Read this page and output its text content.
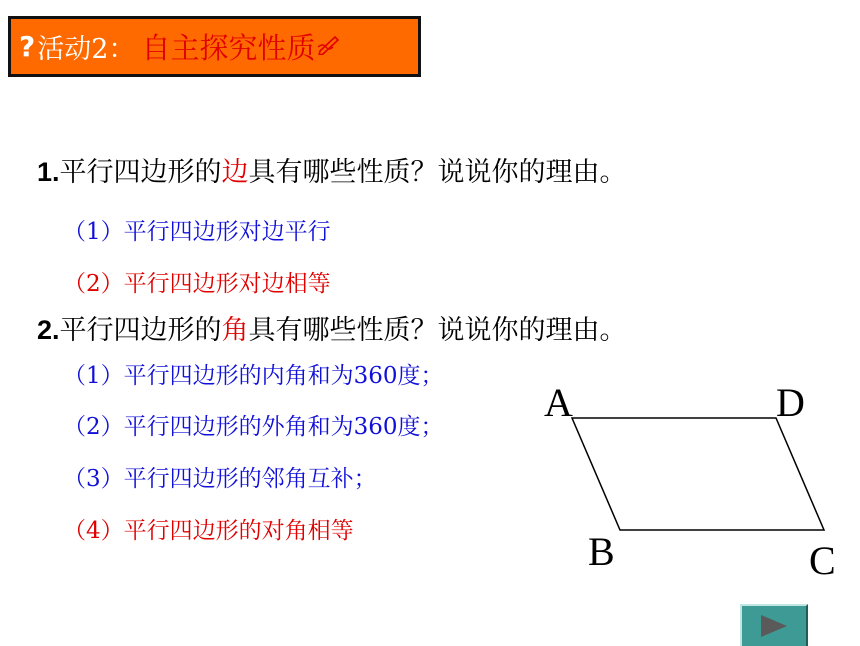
? 活动2： 自主探究性质
1.平行四边形的边具有哪些性质？说说你的理由。
（1）平行四边形对边平行
（2）平行四边形对边相等
2.平行四边形的角具有哪些性质？说说你的理由。
（1）平行四边形的内角和为360度；
（2）平行四边形的外角和为360度；
（3）平行四边形的邻角互补；
（4）平行四边形的对角相等
A	D
B	C
